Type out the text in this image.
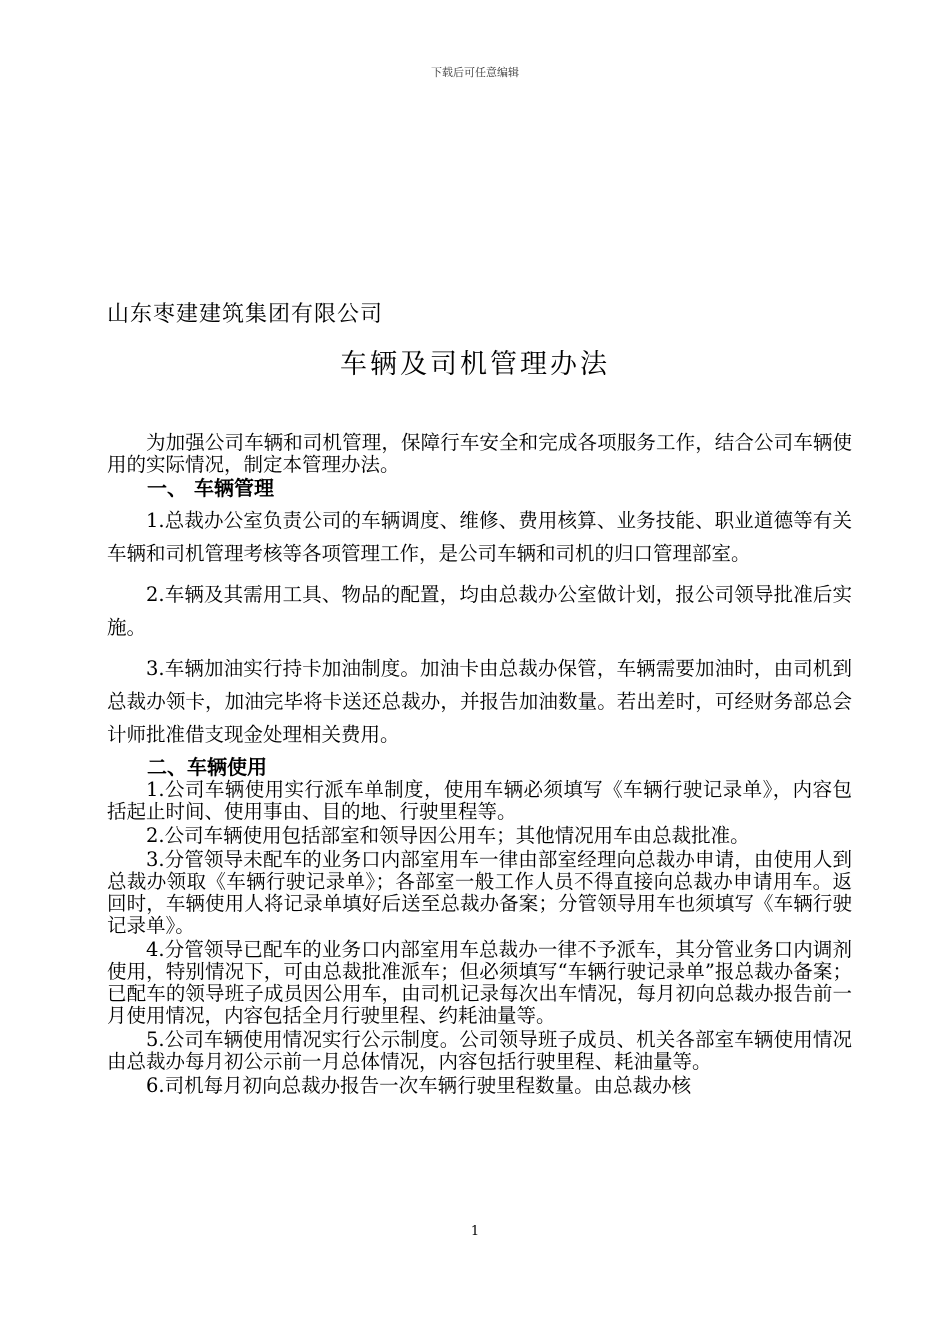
下载后可任意编辑
山东枣建建筑集团有限公司
车辆及司机管理办法

为加强公司车辆和司机管理，保障行车安全和完成各项服务工作，结合公司车辆使用的实际情况，制定本管理办法。

一、 车辆管理

1.总裁办公室负责公司的车辆调度、维修、费用核算、业务技能、职业道德等有关车辆和司机管理考核等各项管理工作，是公司车辆和司机的归口管理部室。

2.车辆及其需用工具、物品的配置，均由总裁办公室做计划，报公司领导批准后实施。

3.车辆加油实行持卡加油制度。加油卡由总裁办保管，车辆需要加油时，由司机到总裁办领卡，加油完毕将卡送还总裁办，并报告加油数量。若出差时，可经财务部总会计师批准借支现金处理相关费用。

二、车辆使用

1.公司车辆使用实行派车单制度，使用车辆必须填写《车辆行驶记录单》，内容包括起止时间、使用事由、目的地、行驶里程等。

2.公司车辆使用包括部室和领导因公用车；其他情况用车由总裁批准。

3.分管领导未配车的业务口内部室用车一律由部室经理向总裁办申请，由使用人到总裁办领取《车辆行驶记录单》；各部室一般工作人员不得直接向总裁办申请用车。返回时，车辆使用人将记录单填好后送至总裁办备案；分管领导用车也须填写《车辆行驶记录单》。

4.分管领导已配车的业务口内部室用车总裁办一律不予派车，其分管业务口内调剂使用，特别情况下，可由总裁批准派车；但必须填写“车辆行驶记录单”报总裁办备案；已配车的领导班子成员因公用车，由司机记录每次出车情况，每月初向总裁办报告前一月使用情况，内容包括全月行驶里程、约耗油量等。

5.公司车辆使用情况实行公示制度。公司领导班子成员、机关各部室车辆使用情况由总裁办每月初公示前一月总体情况，内容包括行驶里程、耗油量等。

6.司机每月初向总裁办报告一次车辆行驶里程数量。由总裁办核

1
